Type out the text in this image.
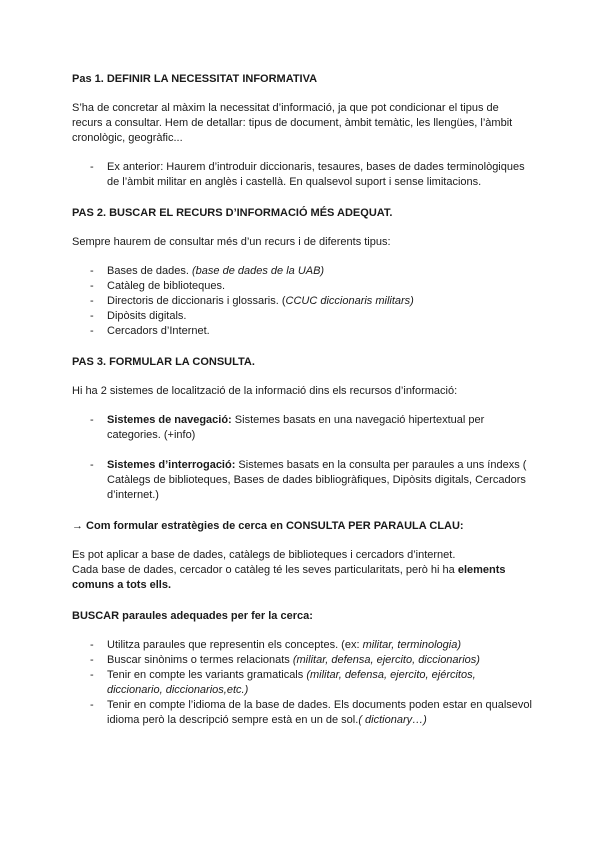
Pas 1. DEFINIR LA NECESSITAT INFORMATIVA

S’ha de concretar al màxim la necessitat d’informació, ja que pot condicionar el tipus de recurs a consultar. Hem de detallar: tipus de document, àmbit temàtic, les llengües, l’àmbit cronològic, geogràfic...

- Ex anterior: Haurem d’introduir diccionaris, tesaures, bases de dades terminològiques de l’àmbit militar en anglès i castellà. En qualsevol suport i sense limitacions.
PAS 2. BUSCAR EL RECURS D’INFORMACIÓ MÉS ADEQUAT.

Sempre haurem de consultar més d’un recurs i de diferents tipus:

- Bases de dades. (base de dades de la UAB)
- Catàleg de biblioteques.
- Directoris de diccionaris i glossaris. (CCUC diccionaris militars)
- Dipòsits digitals.
- Cercadors d’Internet.
PAS 3. FORMULAR LA CONSULTA.

Hi ha 2 sistemes de localització de la informació dins els recursos d’informació:

- Sistemes de navegació: Sistemes basats en una navegació hipertextual per categories. (+info)
- Sistemes d’interrogació: Sistemes basats en la consulta per paraules a uns índexs ( Catàlegs de biblioteques, Bases de dades bibliogràfiques, Dipòsits digitals, Cercadors d’internet.)
→ Com formular estratègies de cerca en CONSULTA PER PARAULA CLAU:

Es pot aplicar a base de dades, catàlegs de biblioteques i cercadors d’internet.

Cada base de dades, cercador o catàleg té les seves particularitats, però hi ha elements comuns a tots ells.

BUSCAR paraules adequades per fer la cerca:
- Utilitza paraules que representin els conceptes. (ex: militar, terminologia)
- Buscar sinònims o termes relacionats (militar, defensa, ejercito, diccionarios)
- Tenir en compte les variants gramaticals (militar, defensa, ejercito, ejércitos, diccionario, diccionarios,etc.)
- Tenir en compte l’idioma de la base de dades. Els documents poden estar en qualsevol idioma però la descripció sempre està en un de sol.( dictionary…)
